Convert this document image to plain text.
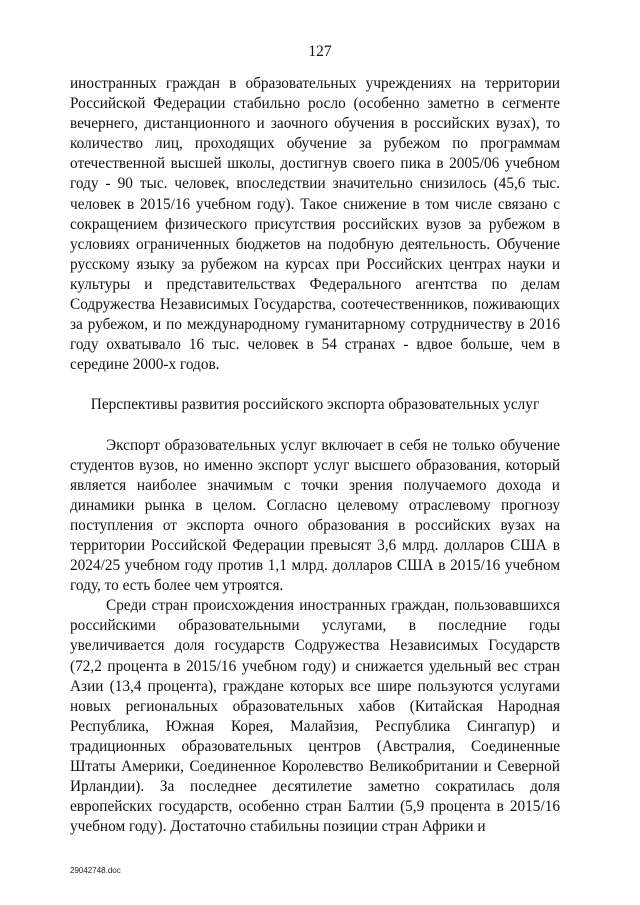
127

иностранных граждан в образовательных учреждениях на территории Российской Федерации стабильно росло (особенно заметно в сегменте вечернего, дистанционного и заочного обучения в российских вузах), то количество лиц, проходящих обучение за рубежом по программам отечественной высшей школы, достигнув своего пика в 2005/06 учебном году - 90 тыс. человек, впоследствии значительно снизилось (45,6 тыс. человек в 2015/16 учебном году). Такое снижение в том числе связано с сокращением физического присутствия российских вузов за рубежом в условиях ограниченных бюджетов на подобную деятельность. Обучение русскому языку за рубежом на курсах при Российских центрах науки и культуры и представительствах Федерального агентства по делам Содружества Независимых Государства, соотечественников, поживающих за рубежом, и по международному гуманитарному сотрудничеству в 2016 году охватывало 16 тыс. человек в 54 странах - вдвое больше, чем в середине 2000-х годов.

Перспективы развития российского экспорта образовательных услуг

Экспорт образовательных услуг включает в себя не только обучение студентов вузов, но именно экспорт услуг высшего образования, который является наиболее значимым с точки зрения получаемого дохода и динамики рынка в целом. Согласно целевому отраслевому прогнозу поступления от экспорта очного образования в российских вузах на территории Российской Федерации превысят 3,6 млрд. долларов США в 2024/25 учебном году против 1,1 млрд. долларов США в 2015/16 учебном году, то есть более чем утроятся.

Среди стран происхождения иностранных граждан, пользовавшихся российскими образовательными услугами, в последние годы увеличивается доля государств Содружества Независимых Государств (72,2 процента в 2015/16 учебном году) и снижается удельный вес стран Азии (13,4 процента), граждане которых все шире пользуются услугами новых региональных образовательных хабов (Китайская Народная Республика, Южная Корея, Малайзия, Республика Сингапур) и традиционных образовательных центров (Австралия, Соединенные Штаты Америки, Соединенное Королевство Великобритании и Северной Ирландии). За последнее десятилетие заметно сократилась доля европейских государств, особенно стран Балтии (5,9 процента в 2015/16 учебном году). Достаточно стабильны позиции стран Африки и

29042748.doc
